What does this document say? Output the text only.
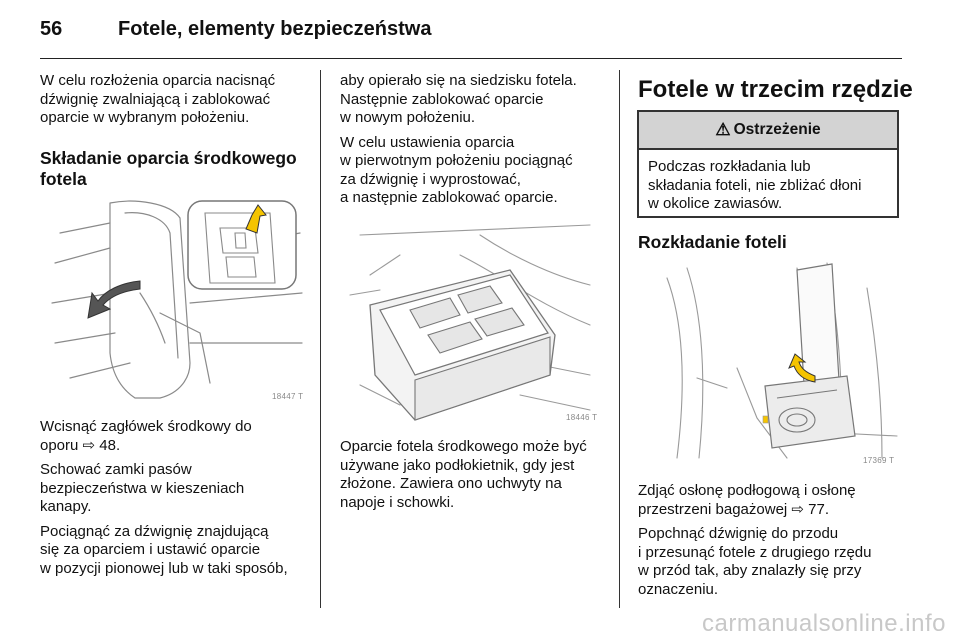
56	Fotele, elementy bezpieczeństwa

W celu rozłożenia oparcia nacisnąć

dźwignię zwalniającą i zablokować

oparcie w wybranym położeniu.

Składanie oparcia środkowego

fotela

18447 T

Wcisnąć zagłówek środkowy do

oporu ⇨ 48.

Schować zamki pasów

bezpieczeństwa w kieszeniach

kanapy.

Pociągnąć za dźwignię znajdującą

się za oparciem i ustawić oparcie

w pozycji pionowej lub w taki sposób,

aby opierało się na siedzisku fotela.

Następnie zablokować oparcie

w nowym położeniu.

W celu ustawienia oparcia

w pierwotnym położeniu pociągnąć

za dźwignię i wyprostować,

a następnie zablokować oparcie.

18446 T

Oparcie fotela środkowego może być

używane jako podłokietnik, gdy jest

złożone. Zawiera ono uchwyty na

napoje i schowki.

Fotele w trzecim rzędzie
⚠ Ostrzeżenie
Podczas rozkładania lub
składania foteli, nie zbliżać dłoni
w okolice zawiasów.
Rozkładanie foteli
17369 T

Zdjąć osłonę podłogową i osłonę

przestrzeni bagażowej ⇨ 77.

Popchnąć dźwignię do przodu

i przesunąć fotele z drugiego rzędu

w przód tak, aby znalazły się przy

oznaczeniu.

carmanualsonline.info
